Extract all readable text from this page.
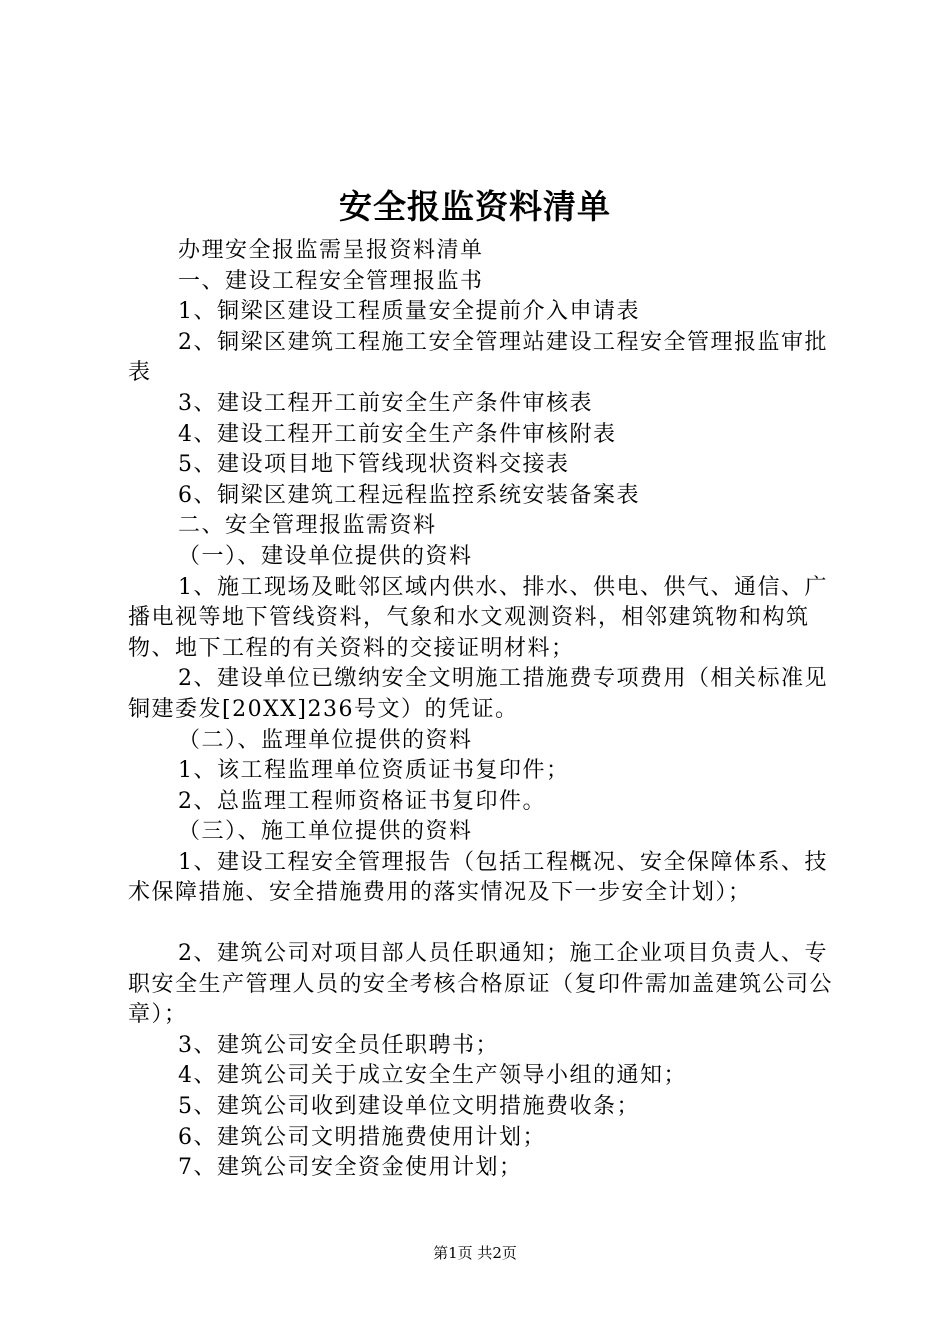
安全报监资料清单

办理安全报监需呈报资料清单

一、建设工程安全管理报监书

1、铜梁区建设工程质量安全提前介入申请表

2、铜梁区建筑工程施工安全管理站建设工程安全管理报监审批表

3、建设工程开工前安全生产条件审核表

4、建设工程开工前安全生产条件审核附表

5、建设项目地下管线现状资料交接表

6、铜梁区建筑工程远程监控系统安装备案表

二、安全管理报监需资料

（一）、建设单位提供的资料

1、施工现场及毗邻区域内供水、排水、供电、供气、通信、广播电视等地下管线资料，气象和水文观测资料，相邻建筑物和构筑物、地下工程的有关资料的交接证明材料；

2、建设单位已缴纳安全文明施工措施费专项费用（相关标准见铜建委发[20XX]236号文）的凭证。

（二）、监理单位提供的资料

1、该工程监理单位资质证书复印件；

2、总监理工程师资格证书复印件。

（三）、施工单位提供的资料

1、建设工程安全管理报告（包括工程概况、安全保障体系、技术保障措施、安全措施费用的落实情况及下一步安全计划）；

2、建筑公司对项目部人员任职通知；施工企业项目负责人、专职安全生产管理人员的安全考核合格原证（复印件需加盖建筑公司公章）；

3、建筑公司安全员任职聘书；

4、建筑公司关于成立安全生产领导小组的通知；

5、建筑公司收到建设单位文明措施费收条；

6、建筑公司文明措施费使用计划；

7、建筑公司安全资金使用计划；

第1页 共2页
